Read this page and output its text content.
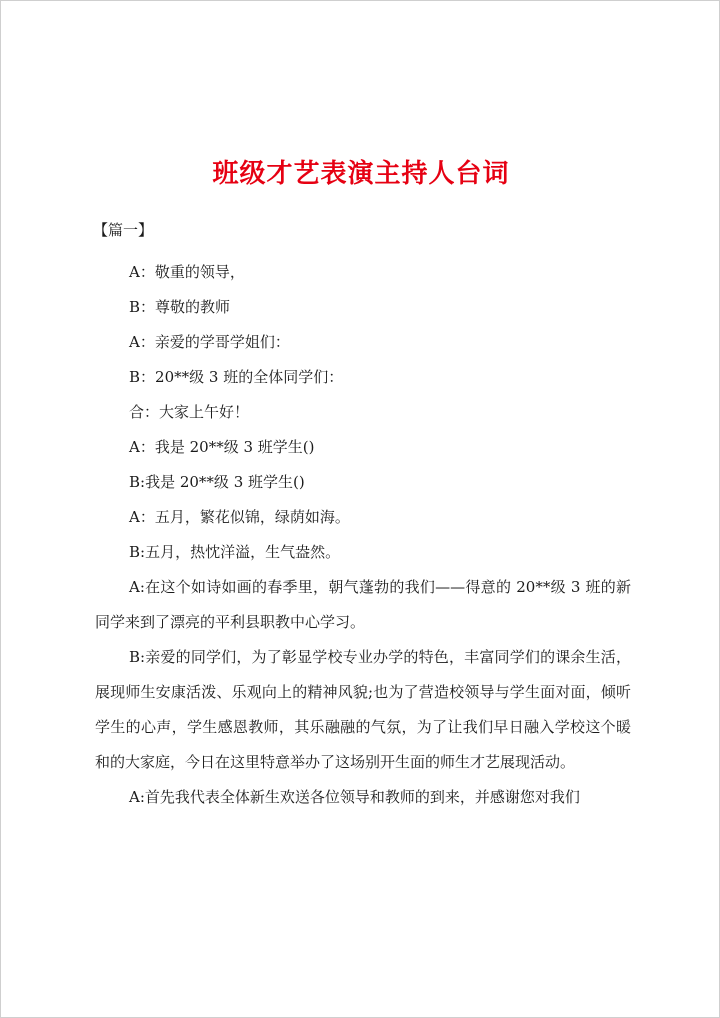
班级才艺表演主持人台词
【篇一】

A：敬重的领导，

B：尊敬的教师

A：亲爱的学哥学姐们：

B：20**级 3 班的全体同学们：

合：大家上午好！

A：我是 20**级 3 班学生()

B:我是 20**级 3 班学生()

A：五月，繁花似锦，绿荫如海。

B:五月，热忱洋溢，生气盎然。

A:在这个如诗如画的春季里，朝气蓬勃的我们——得意的 20**级 3 班的新同学来到了漂亮的平利县职教中心学习。

B:亲爱的同学们，为了彰显学校专业办学的特色，丰富同学们的课余生活，展现师生安康活泼、乐观向上的精神风貌;也为了营造校领导与学生面对面，倾听学生的心声，学生感恩教师，其乐融融的气氛，为了让我们早日融入学校这个暖和的大家庭，今日在这里特意举办了这场别开生面的师生才艺展现活动。

A:首先我代表全体新生欢送各位领导和教师的到来，并感谢您对我们
